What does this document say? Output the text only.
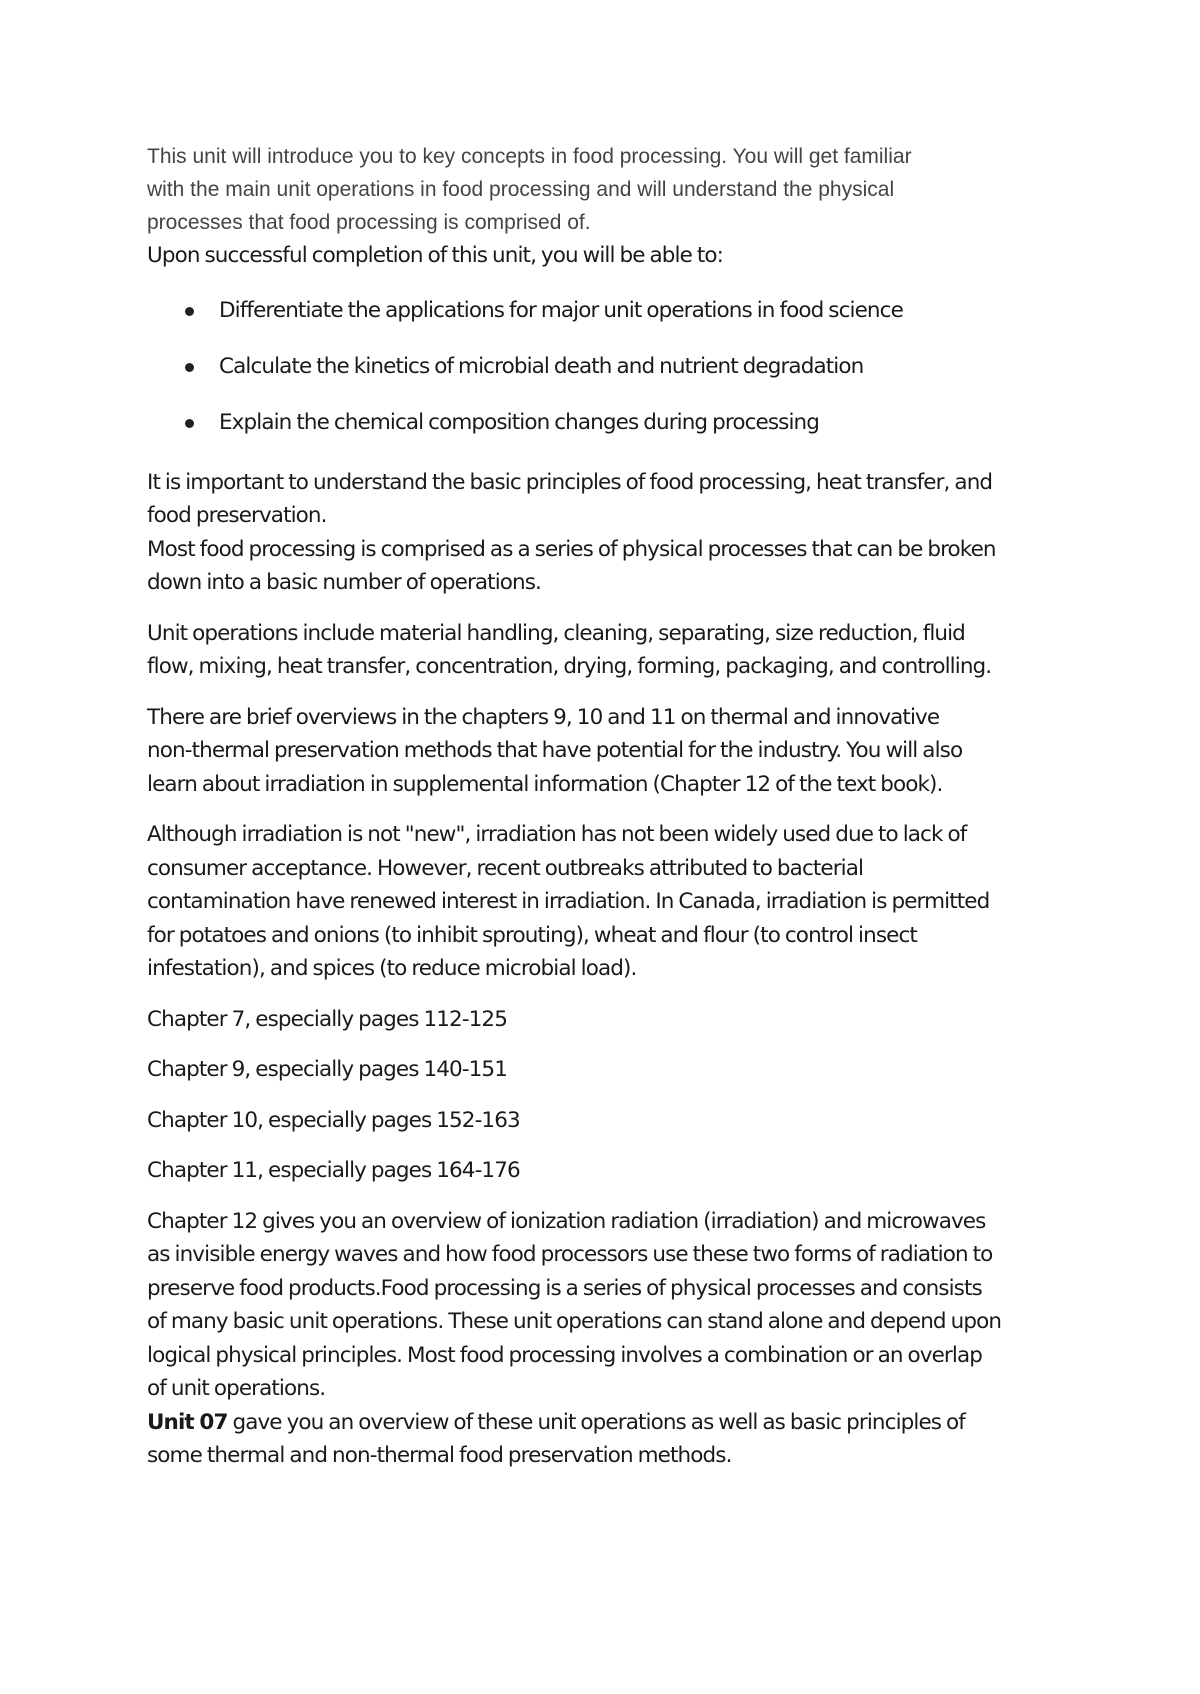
This unit will introduce you to key concepts in food processing. You will get familiar
with the main unit operations in food processing and will understand the physical
processes that food processing is comprised of.

Upon successful completion of this unit, you will be able to:

Differentiate the applications for major unit operations in food science
Calculate the kinetics of microbial death and nutrient degradation
Explain the chemical composition changes during processing

It is important to understand the basic principles of food processing, heat transfer, and
food preservation.
Most food processing is comprised as a series of physical processes that can be broken
down into a basic number of operations.

Unit operations include material handling, cleaning, separating, size reduction, fluid
flow, mixing, heat transfer, concentration, drying, forming, packaging, and controlling.

There are brief overviews in the chapters 9, 10 and 11 on thermal and innovative
non-thermal preservation methods that have potential for the industry. You will also
learn about irradiation in supplemental information (Chapter 12 of the text book).

Although irradiation is not "new", irradiation has not been widely used due to lack of
consumer acceptance. However, recent outbreaks attributed to bacterial
contamination have renewed interest in irradiation. In Canada, irradiation is permitted
for potatoes and onions (to inhibit sprouting), wheat and flour (to control insect
infestation), and spices (to reduce microbial load).

Chapter 7, especially pages 112-125

Chapter 9, especially pages 140-151

Chapter 10, especially pages 152-163

Chapter 11, especially pages 164-176

Chapter 12 gives you an overview of ionization radiation (irradiation) and microwaves
as invisible energy waves and how food processors use these two forms of radiation to
preserve food products.Food processing is a series of physical processes and consists
of many basic unit operations. These unit operations can stand alone and depend upon
logical physical principles. Most food processing involves a combination or an overlap
of unit operations.
Unit 07 gave you an overview of these unit operations as well as basic principles of
some thermal and non-thermal food preservation methods.
